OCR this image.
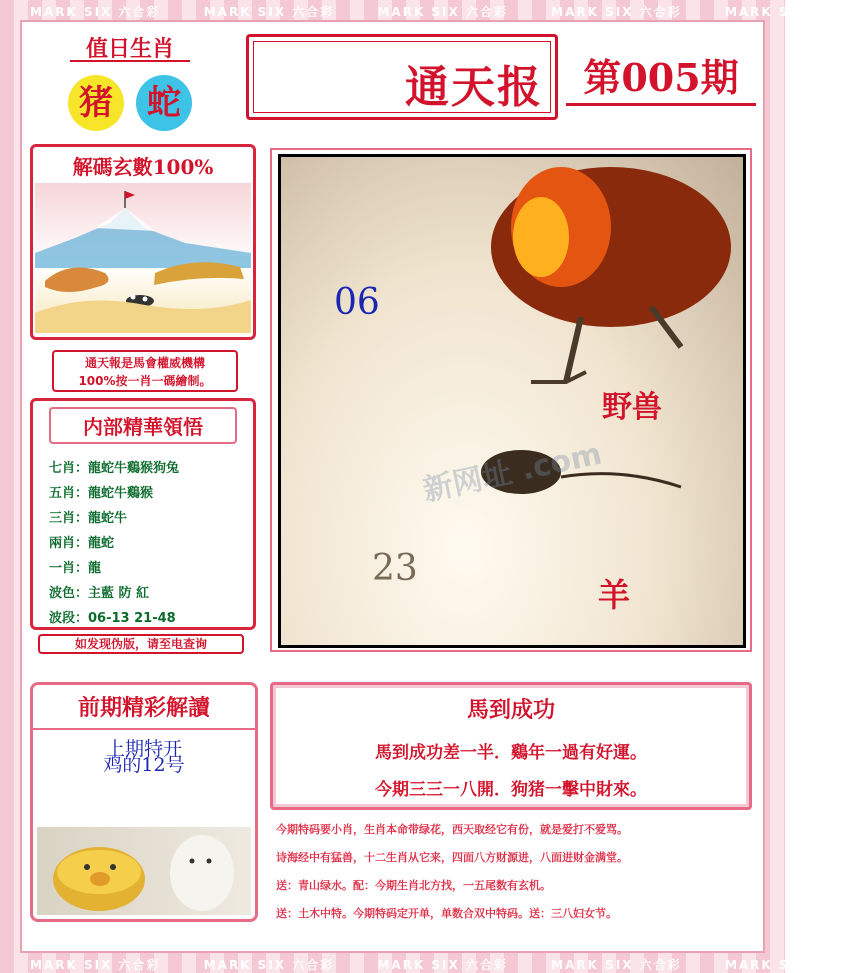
MARK SIX 六合彩	MARK SIX 六合彩	MARK SIX 六合彩	MARK SIX 六合彩	MARK SIX 六合彩
MARK SIX 六合彩	MARK SIX 六合彩	MARK SIX 六合彩	MARK SIX 六合彩	MARK SIX 六合彩
值日生肖
猪	蛇	通天报	第005期
解碼玄數100%
通天報是馬會權威機構
100%按一肖一碼繪制。
内部精華領悟
七肖：龍蛇牛鷄猴狗兔
五肖：龍蛇牛鷄猴
三肖：龍蛇牛
兩肖：龍蛇
一肖：龍
波色：主藍 防 紅
波段：06-13 21-48
如发现伪版，请至电查询
新网址 .com
06
23
野兽
羊
前期精彩解讀
上期特开
鸡的12号
馬到成功
馬到成功差一半．鷄年一過有好運。
今期三三一八開．狗猪一擊中財來。
今期特码要小肖，生肖本命带绿花，西天取经它有份，就是爱打不爱骂。
诗海经中有猛兽，十二生肖从它来，四面八方财源进，八面进财金满堂。
送：青山绿水。配：今期生肖北方找，一五尾数有玄机。
送：土木中特。今期特码定开单，单数合双中特码。送：三八妇女节。
